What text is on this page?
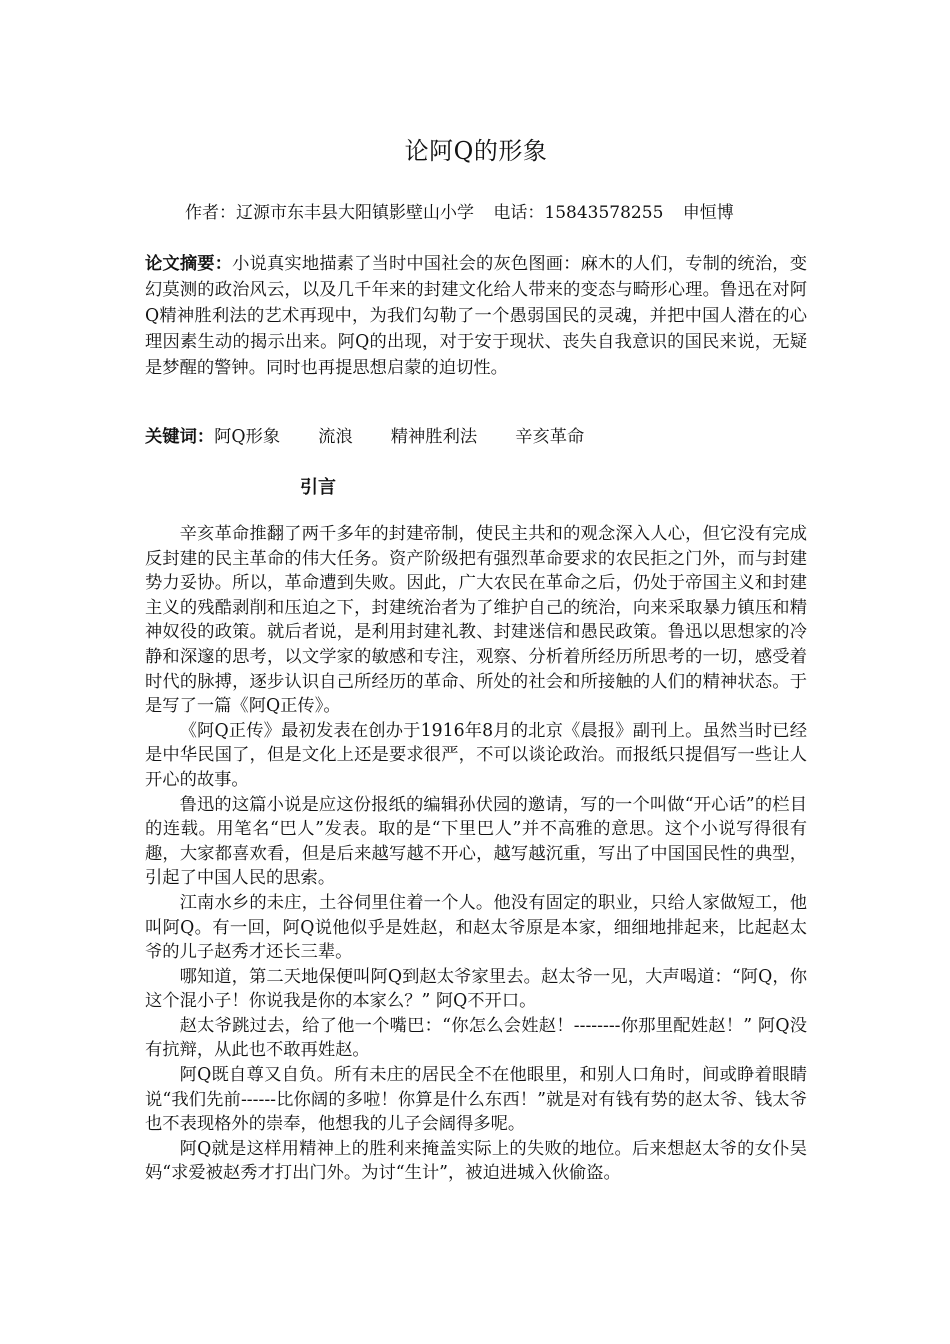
论阿Q的形象
作者：辽源市东丰县大阳镇影壁山小学 电话：15843578255 申恒博
论文摘要：小说真实地描素了当时中国社会的灰色图画：麻木的人们，专制的统治，变幻莫测的政治风云，以及几千年来的封建文化给人带来的变态与畸形心理。鲁迅在对阿Q精神胜利法的艺术再现中，为我们勾勒了一个愚弱国民的灵魂，并把中国人潜在的心理因素生动的揭示出来。阿Q的出现，对于安于现状、丧失自我意识的国民来说，无疑是梦醒的警钟。同时也再提思想启蒙的迫切性。
关键词：阿Q形象 流浪 精神胜利法 辛亥革命
引言

辛亥革命推翻了两千多年的封建帝制，使民主共和的观念深入人心，但它没有完成反封建的民主革命的伟大任务。资产阶级把有强烈革命要求的农民拒之门外，而与封建势力妥协。所以，革命遭到失败。因此，广大农民在革命之后，仍处于帝国主义和封建主义的残酷剥削和压迫之下，封建统治者为了维护自己的统治，向来采取暴力镇压和精神奴役的政策。就后者说，是利用封建礼教、封建迷信和愚民政策。鲁迅以思想家的冷静和深邃的思考，以文学家的敏感和专注，观察、分析着所经历所思考的一切，感受着时代的脉搏，逐步认识自己所经历的革命、所处的社会和所接触的人们的精神状态。于是写了一篇《阿Q正传》。

《阿Q正传》最初发表在创办于1916年8月的北京《晨报》副刊上。虽然当时已经是中华民国了，但是文化上还是要求很严，不可以谈论政治。而报纸只提倡写一些让人开心的故事。

鲁迅的这篇小说是应这份报纸的编辑孙伏园的邀请，写的一个叫做“开心话”的栏目的连载。用笔名“巴人”发表。取的是“下里巴人”并不高雅的意思。这个小说写得很有趣，大家都喜欢看，但是后来越写越不开心，越写越沉重，写出了中国国民性的典型，引起了中国人民的思索。

江南水乡的未庄，土谷伺里住着一个人。他没有固定的职业，只给人家做短工，他叫阿Q。有一回，阿Q说他似乎是姓赵，和赵太爷原是本家，细细地排起来，比起赵太爷的儿子赵秀才还长三辈。

哪知道，第二天地保便叫阿Q到赵太爷家里去。赵太爷一见，大声喝道：“阿Q，你这个混小子！你说我是你的本家么？” 阿Q不开口。

赵太爷跳过去，给了他一个嘴巴：“你怎么会姓赵！--------你那里配姓赵！” 阿Q没有抗辩，从此也不敢再姓赵。

阿Q既自尊又自负。所有未庄的居民全不在他眼里，和别人口角时，间或睁着眼睛说“我们先前------比你阔的多啦！你算是什么东西！”就是对有钱有势的赵太爷、钱太爷也不表现格外的崇奉，他想我的儿子会阔得多呢。

阿Q就是这样用精神上的胜利来掩盖实际上的失败的地位。后来想赵太爷的女仆吴妈“求爱被赵秀才打出门外。为讨“生计”，被迫进城入伙偷盗。
